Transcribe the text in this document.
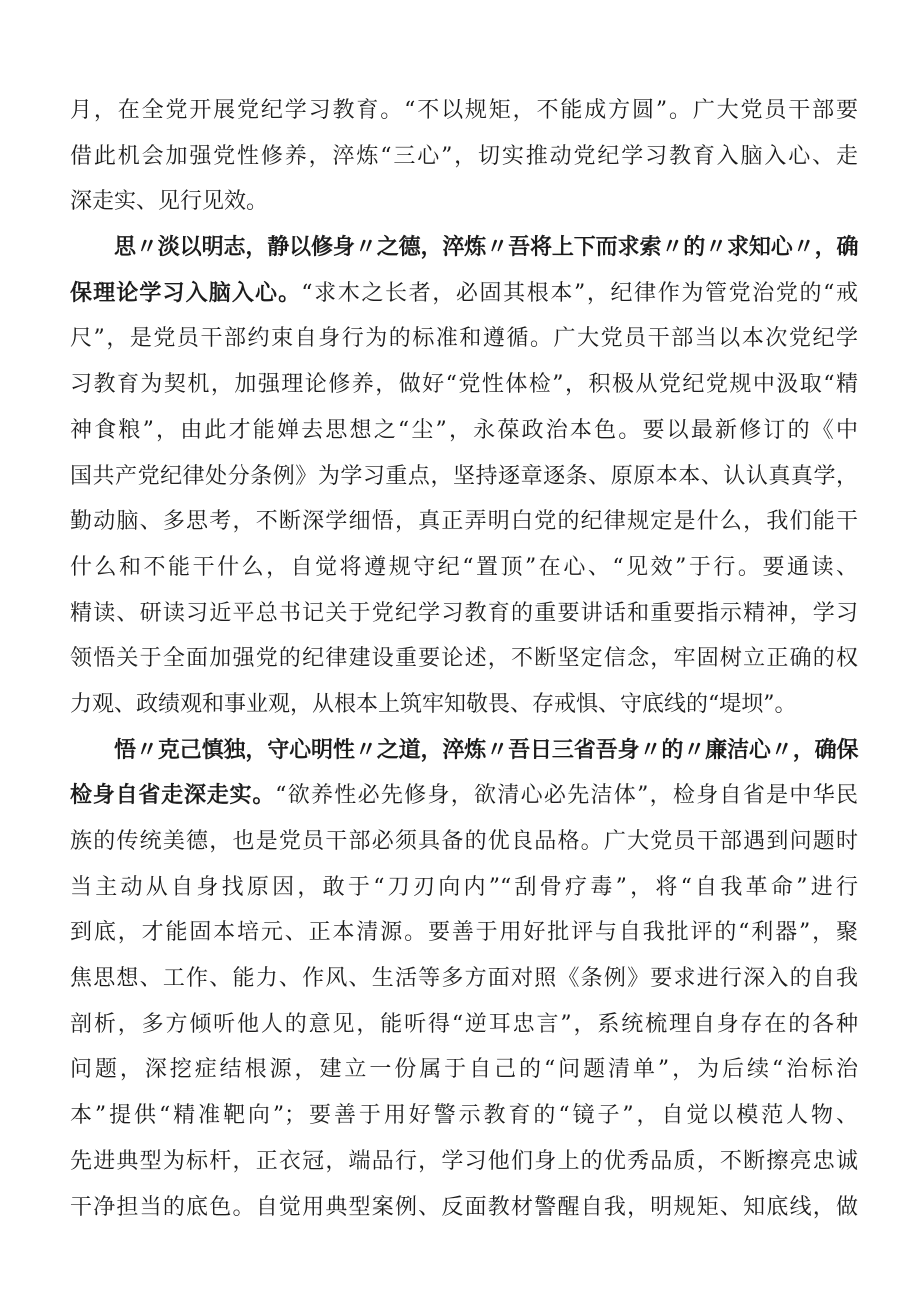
月，在全党开展党纪学习教育。“不以规矩，不能成方圆”。广大党员干部要
借此机会加强党性修养，淬炼“三心”，切实推动党纪学习教育入脑入心、走
深走实、见行见效。
思〃淡以明志，静以修身〃之德，淬炼〃吾将上下而求索〃的〃求知心〃，确
保理论学习入脑入心。“求木之长者，必固其根本”，纪律作为管党治党的“戒
尺”，是党员干部约束自身行为的标准和遵循。广大党员干部当以本次党纪学
习教育为契机，加强理论修养，做好“党性体检”，积极从党纪党规中汲取“精
神食粮”，由此才能婵去思想之“尘”，永葆政治本色。要以最新修订的《中
国共产党纪律处分条例》为学习重点，坚持逐章逐条、原原本本、认认真真学，
勤动脑、多思考，不断深学细悟，真正弄明白党的纪律规定是什么，我们能干
什么和不能干什么，自觉将遵规守纪“置顶”在心、“见效”于行。要通读、
精读、研读习近平总书记关于党纪学习教育的重要讲话和重要指示精神，学习
领悟关于全面加强党的纪律建设重要论述，不断坚定信念，牢固树立正确的权
力观、政绩观和事业观，从根本上筑牢知敬畏、存戒惧、守底线的“堤坝”。
悟〃克己慎独，守心明性〃之道，淬炼〃吾日三省吾身〃的〃廉洁心〃，确保
检身自省走深走实。“欲养性必先修身，欲清心必先洁体”，检身自省是中华民
族的传统美德，也是党员干部必须具备的优良品格。广大党员干部遇到问题时
当主动从自身找原因，敢于“刀刃向内”“刮骨疗毒”，将“自我革命”进行
到底，才能固本培元、正本清源。要善于用好批评与自我批评的“利器”，聚
焦思想、工作、能力、作风、生活等多方面对照《条例》要求进行深入的自我
剖析，多方倾听他人的意见，能听得“逆耳忠言”，系统梳理自身存在的各种
问题，深挖症结根源，建立一份属于自己的“问题清单”，为后续“治标治
本”提供“精准靶向”；要善于用好警示教育的“镜子”，自觉以模范人物、
先进典型为标杆，正衣冠，端品行，学习他们身上的优秀品质，不断擦亮忠诚
干净担当的底色。自觉用典型案例、反面教材警醒自我，明规矩、知底线，做
